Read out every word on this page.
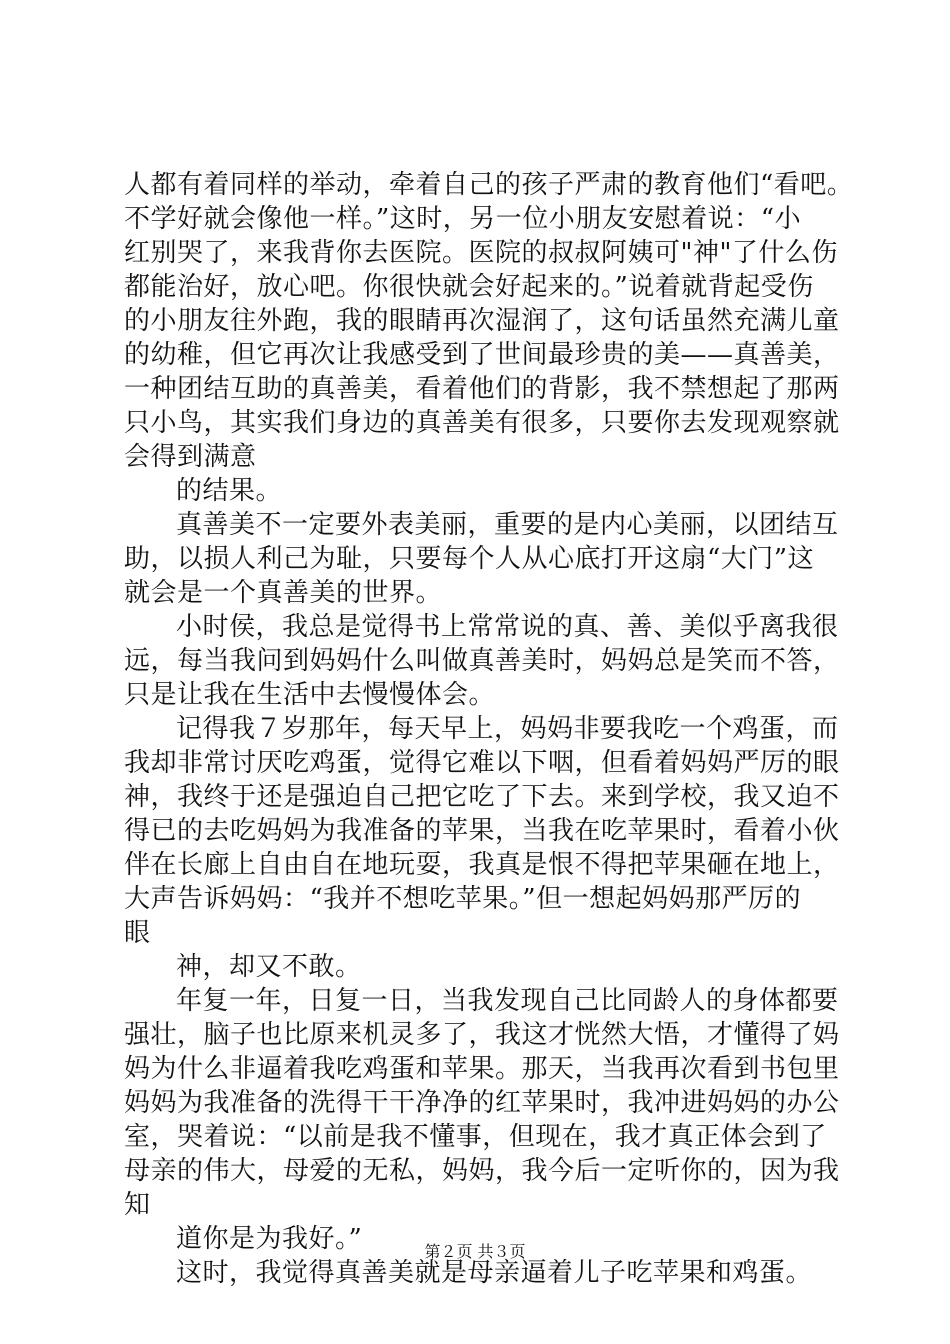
人都有着同样的举动，牵着自己的孩子严肃的教育他们“看吧。
不学好就会像他一样。”这时，另一位小朋友安慰着说：“小
红别哭了，来我背你去医院。医院的叔叔阿姨可"神"了什么伤
都能治好，放心吧。你很快就会好起来的。”说着就背起受伤
的小朋友往外跑，我的眼睛再次湿润了，这句话虽然充满儿童
的幼稚，但它再次让我感受到了世间最珍贵的美——真善美，
一种团结互助的真善美，看着他们的背影，我不禁想起了那两
只小鸟，其实我们身边的真善美有很多，只要你去发现观察就
会得到满意
的结果。
真善美不一定要外表美丽，重要的是内心美丽，以团结互
助，以损人利己为耻，只要每个人从心底打开这扇“大门”这
就会是一个真善美的世界。
小时侯，我总是觉得书上常常说的真、善、美似乎离我很
远，每当我问到妈妈什么叫做真善美时，妈妈总是笑而不答，
只是让我在生活中去慢慢体会。
记得我７岁那年，每天早上，妈妈非要我吃一个鸡蛋，而
我却非常讨厌吃鸡蛋，觉得它难以下咽，但看着妈妈严厉的眼
神，我终于还是强迫自己把它吃了下去。来到学校，我又迫不
得已的去吃妈妈为我准备的苹果，当我在吃苹果时，看着小伙
伴在长廊上自由自在地玩耍，我真是恨不得把苹果砸在地上，
大声告诉妈妈：“我并不想吃苹果。”但一想起妈妈那严厉的
眼
神，却又不敢。
年复一年，日复一日，当我发现自己比同龄人的身体都要
强壮，脑子也比原来机灵多了，我这才恍然大悟，才懂得了妈
妈为什么非逼着我吃鸡蛋和苹果。那天，当我再次看到书包里
妈妈为我准备的洗得干干净净的红苹果时，我冲进妈妈的办公
室，哭着说：“以前是我不懂事，但现在，我才真正体会到了
母亲的伟大，母爱的无私，妈妈，我今后一定听你的，因为我
知
道你是为我好。”
这时，我觉得真善美就是母亲逼着儿子吃苹果和鸡蛋。
第２页 共３页
